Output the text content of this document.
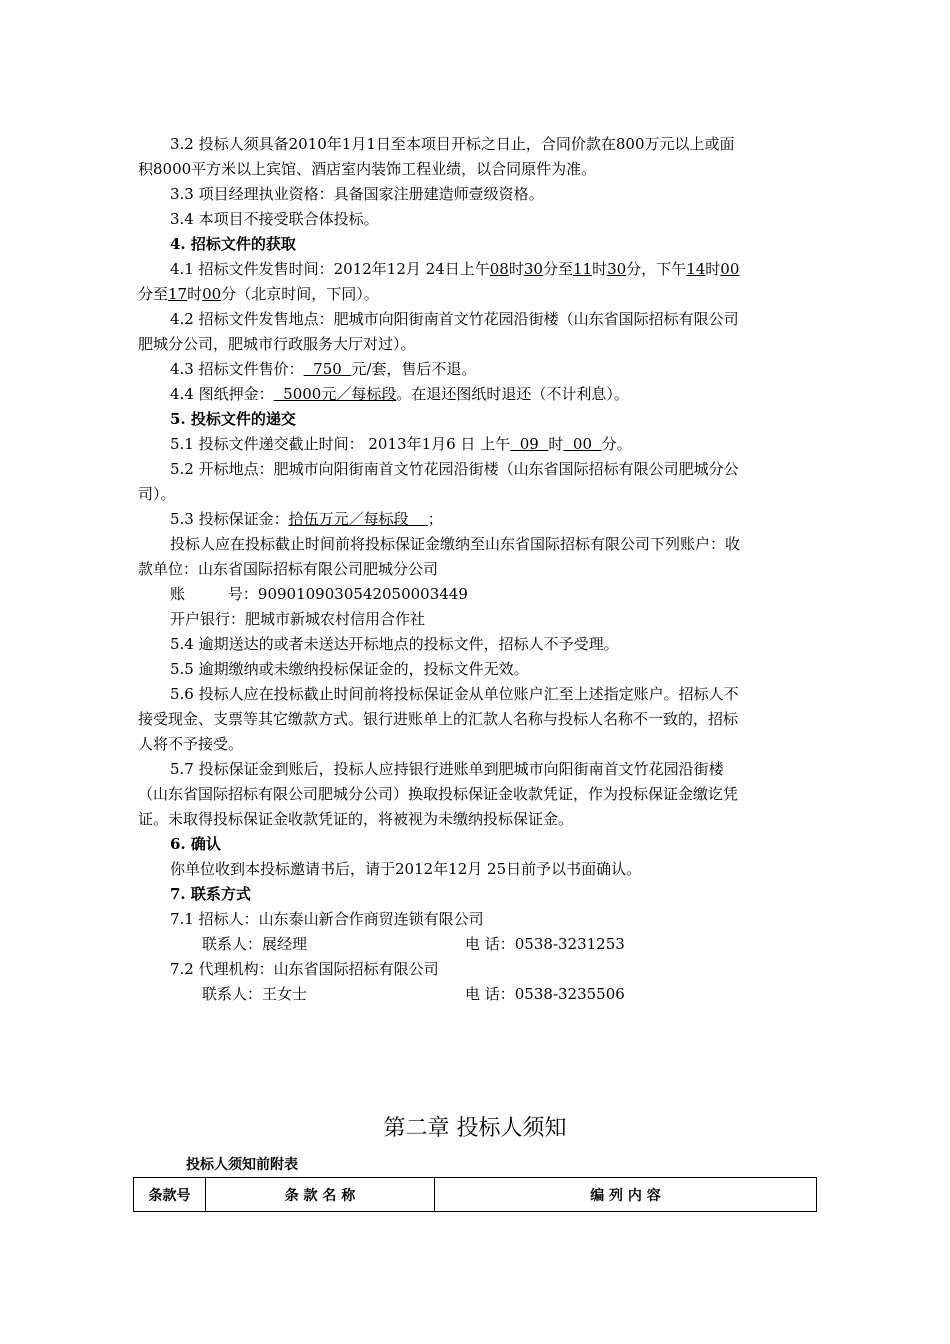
3.2 投标人须具备2010年1月1日至本项目开标之日止，合同价款在800万元以上或面
积8000平方米以上宾馆、酒店室内装饰工程业绩，以合同原件为准。
3.3 项目经理执业资格：具备国家注册建造师壹级资格。
3.4 本项目不接受联合体投标。
4. 招标文件的获取
4.1 招标文件发售时间：2012年12月 24日上午08时30分至11时30分，下午14时00
分至17时00分（北京时间，下同）。
4.2 招标文件发售地点：肥城市向阳街南首文竹花园沿街楼（山东省国际招标有限公司
肥城分公司，肥城市行政服务大厅对过）。
4.3 招标文件售价：  750  元/套，售后不退。
4.4 图纸押金：  5000元／每标段。在退还图纸时退还（不计利息）。
5. 投标文件的递交
5.1 投标文件递交截止时间： 2013年1月6 日 上午  09  时  00  分。
5.2 开标地点：肥城市向阳街南首文竹花园沿街楼（山东省国际招标有限公司肥城分公
司）。
5.3 投标保证金：拾伍万元／每标段    ；
投标人应在投标截止时间前将投标保证金缴纳至山东省国际招标有限公司下列账户：收
款单位：山东省国际招标有限公司肥城分公司
账         号：9090109030542050003449
开户银行：肥城市新城农村信用合作社
5.4 逾期送达的或者未送达开标地点的投标文件，招标人不予受理。
5.5 逾期缴纳或未缴纳投标保证金的，投标文件无效。
5.6 投标人应在投标截止时间前将投标保证金从单位账户汇至上述指定账户。招标人不
接受现金、支票等其它缴款方式。银行进账单上的汇款人名称与投标人名称不一致的，招标
人将不予接受。
5.7 投标保证金到账后，投标人应持银行进账单到肥城市向阳街南首文竹花园沿街楼
（山东省国际招标有限公司肥城分公司）换取投标保证金收款凭证，作为投标保证金缴讫凭
证。未取得投标保证金收款凭证的，将被视为未缴纳投标保证金。
6. 确认
你单位收到本投标邀请书后，请于2012年12月 25日前予以书面确认。
7. 联系方式
7.1 招标人：山东泰山新合作商贸连锁有限公司
联系人：展经理	电 话：0538-3231253
7.2 代理机构：山东省国际招标有限公司
联系人：王女士	电 话：0538-3235506
第二章 投标人须知
投标人须知前附表
条款号	条 款 名 称	编 列 内 容
